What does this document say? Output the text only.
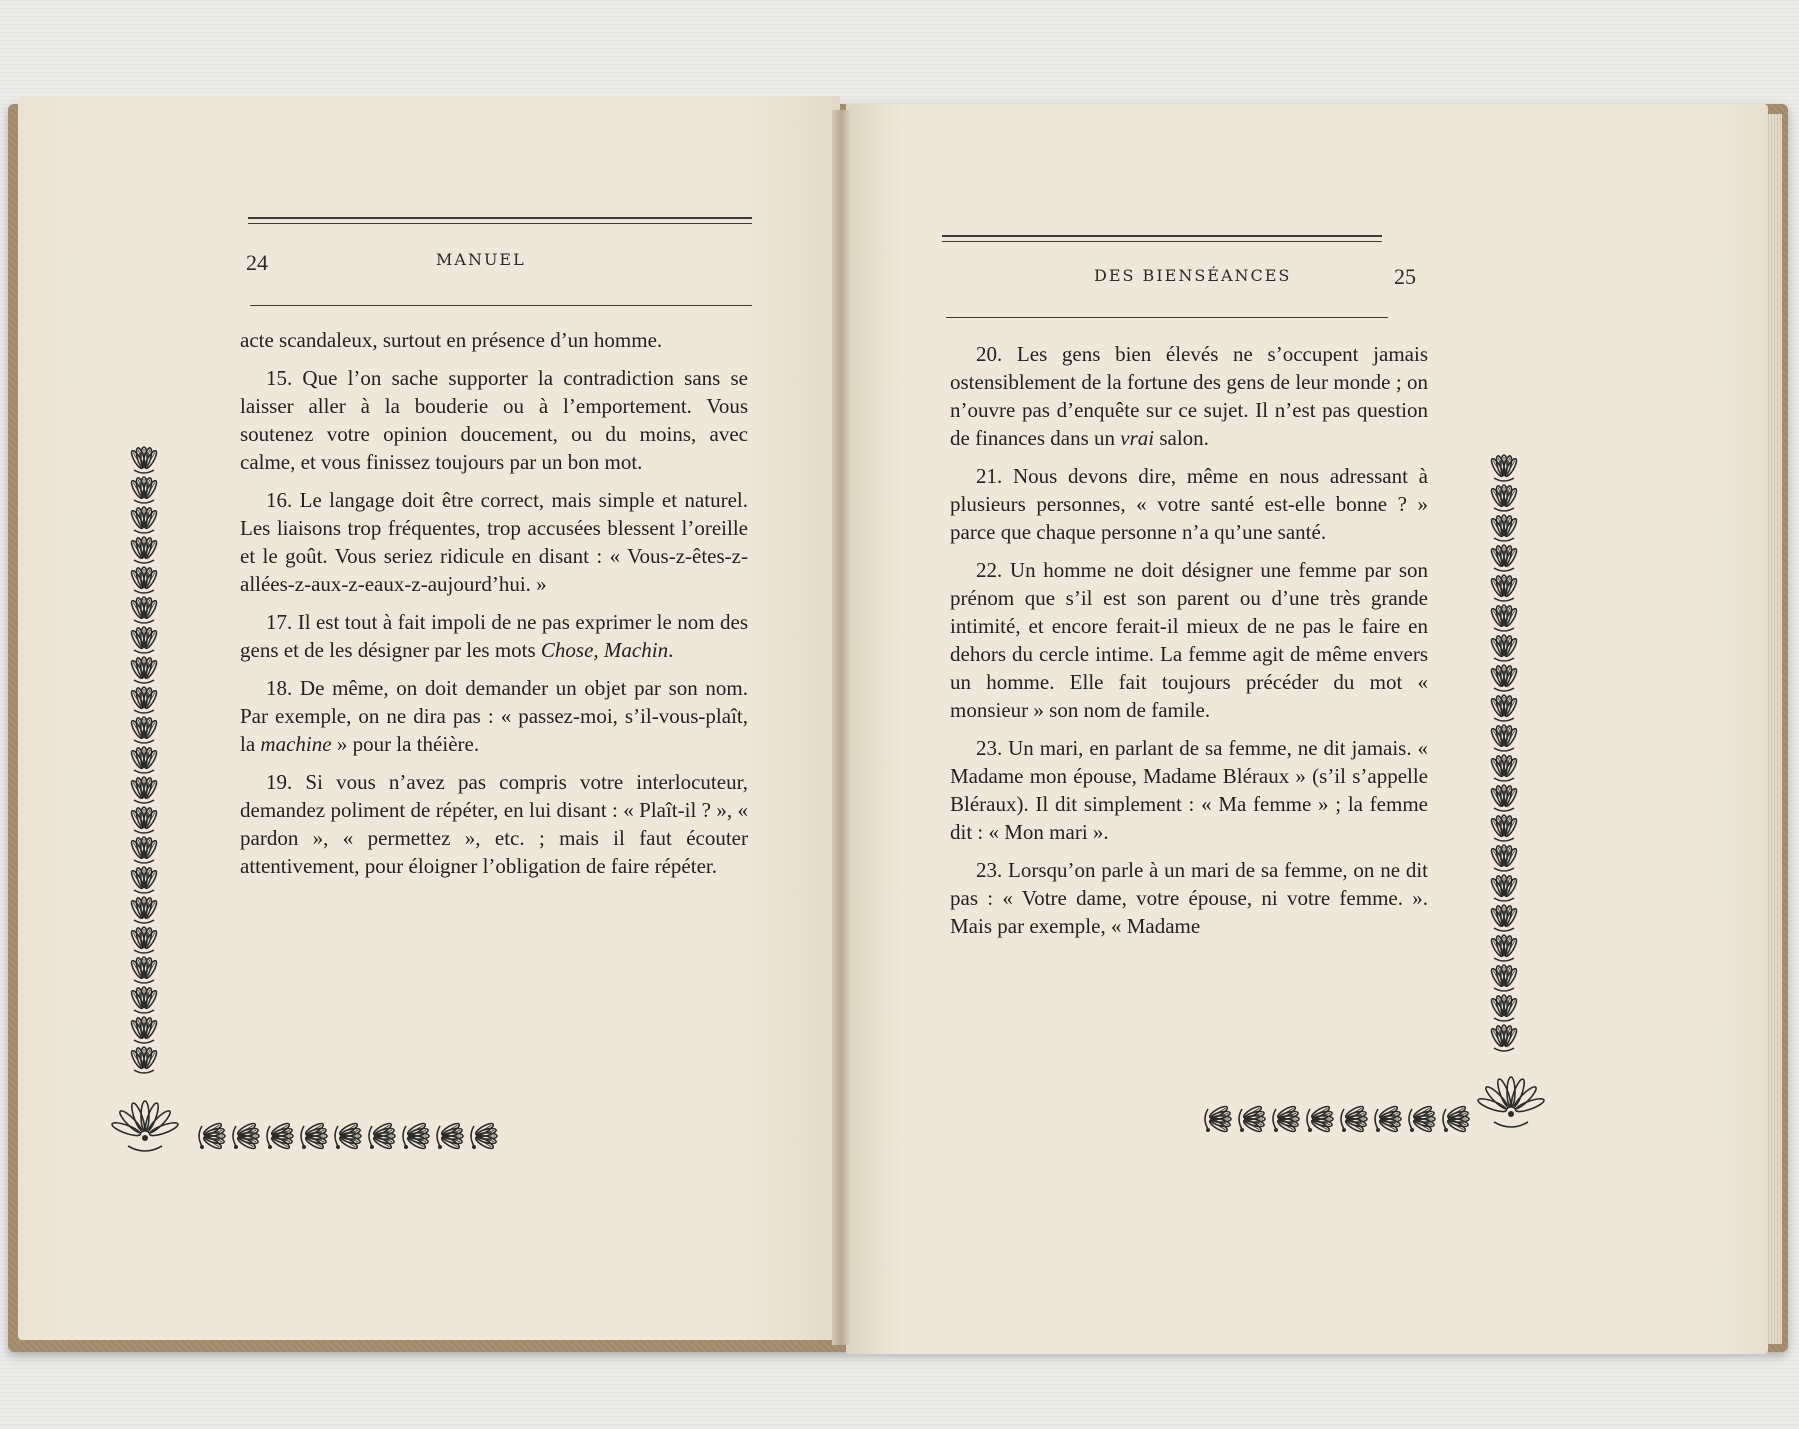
24	MANUEL

acte scandaleux, surtout en présence d’un homme.

15. Que l’on sache supporter la contradiction sans se laisser aller à la bouderie ou à l’emportement. Vous soutenez votre opinion doucement, ou du moins, avec calme, et vous finissez toujours par un bon mot.

16. Le langage doit être correct, mais simple et naturel. Les liaisons trop fréquentes, trop accusées blessent l’oreille et le goût. Vous seriez ridicule en disant : « Vous-z-êtes-z-allées-z-aux-z-eaux-z-aujourd’hui. »

17. Il est tout à fait impoli de ne pas exprimer le nom des gens et de les désigner par les mots Chose, Machin.

18. De même, on doit demander un objet par son nom. Par exemple, on ne dira pas : « passez-moi, s’il-vous-plaît, la machine » pour la théière.

19. Si vous n’avez pas compris votre interlocuteur, demandez poliment de répéter, en lui disant : « Plaît-il ? », « pardon », « permettez », etc. ; mais il faut écouter attentivement, pour éloigner l’obligation de faire répéter.

DES BIENSÉANCES	25

20. Les gens bien élevés ne s’occupent jamais ostensiblement de la fortune des gens de leur monde ; on n’ouvre pas d’enquête sur ce sujet. Il n’est pas question de finances dans un vrai salon.

21. Nous devons dire, même en nous adressant à plusieurs personnes, « votre santé est-elle bonne ? » parce que chaque personne n’a qu’une santé.

22. Un homme ne doit désigner une femme par son prénom que s’il est son parent ou d’une très grande intimité, et encore ferait-il mieux de ne pas le faire en dehors du cercle intime. La femme agit de même envers un homme. Elle fait toujours précéder du mot « monsieur » son nom de famile.

23. Un mari, en parlant de sa femme, ne dit jamais. « Madame mon épouse, Madame Bléraux » (s’il s’appelle Bléraux). Il dit simplement : « Ma femme » ; la femme dit : « Mon mari ».

23. Lorsqu’on parle à un mari de sa femme, on ne dit pas : « Votre dame, votre épouse, ni votre femme. ». Mais par exemple, « Madame
